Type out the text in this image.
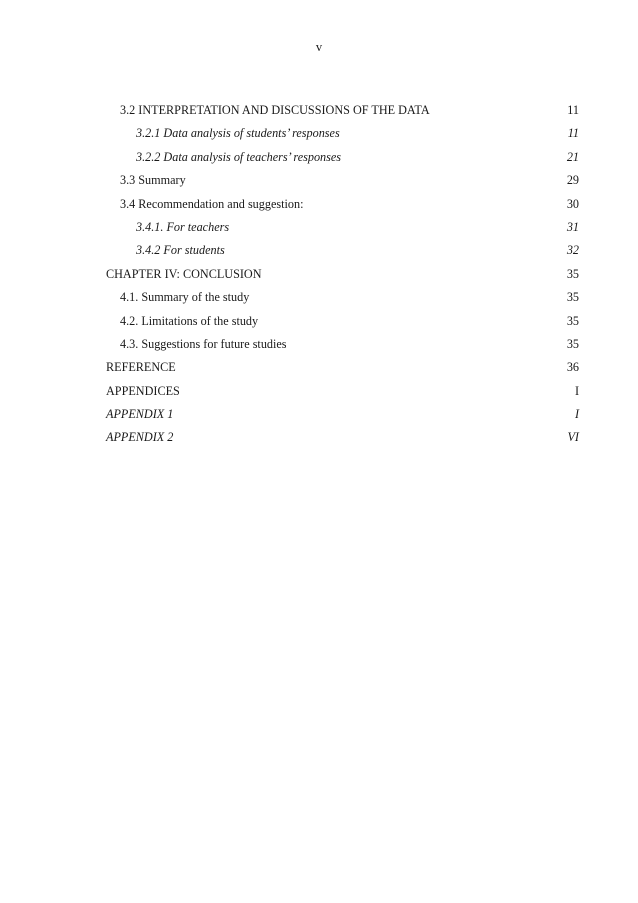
v
3.2 INTERPRETATION AND DISCUSSIONS OF THE DATA	11
3.2.1 Data analysis of students’ responses	11
3.2.2 Data analysis of teachers’ responses	21
3.3 Summary	29
3.4 Recommendation and suggestion:	30
3.4.1. For teachers	31
3.4.2 For students	32
CHAPTER IV: CONCLUSION	35
4.1. Summary of the study	35
4.2. Limitations of the study	35
4.3. Suggestions for future studies	35
REFERENCE	36
APPENDICES	I
APPENDIX 1	I
APPENDIX 2	VI
